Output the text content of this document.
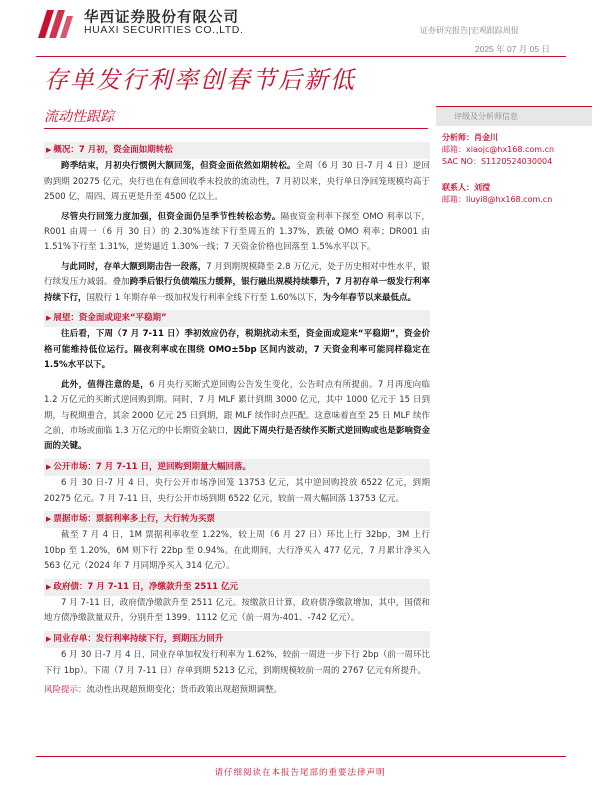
华西证券股份有限公司
HUAXI SECURITIES CO.,LTD.	证券研究报告|宏观跟踪周报
2025 年 07 月 05 日
存单发行利率创春节后新低
流动性跟踪
▶ 概况：7 月初，资金面如期转松
跨季结束，月初央行惯例大额回笼，但资金面依然如期转松。全周（6 月 30 日-7 月 4 日）逆回购到期 20275 亿元，央行也在有意回收季末投放的流动性，7 月初以来，央行单日净回笼规模均高于 2500 亿，周四、周五更是升至 4500 亿以上。
尽管央行回笼力度加强，但资金面仍呈季节性转松态势。隔夜资金利率下探至 OMO 利率以下，R001 由周一（6 月 30 日）的 2.30%连续下行至周五的 1.37%，跌破 OMO 利率；DR001 由 1.51%下行至 1.31%，逆势逼近 1.30%一线；7 天资金价格也回落至 1.5%水平以下。
与此同时，存单大额到期击告一段落，7 月到期规模降至 2.8 万亿元，处于历史相对中性水平，银行续发压力减弱。叠加跨季后银行负债端压力缓释，银行融出规模持续攀升，7 月初存单一级发行利率持续下行，国股行 1 年期存单一级加权发行利率全线下行至 1.60%以下，为今年春节以来最低点。
▶ 展望：资金面或迎来“平稳期”
往后看，下周（7 月 7-11 日）季初效应仍存，税期扰动未至，资金面或迎来“平稳期”，资金价格可能维持低位运行。隔夜利率或在围绕 OMO±5bp 区间内波动，7 天资金利率可能同样稳定在 1.5%水平以下。
此外，值得注意的是，6 月央行买断式逆回购公告发生变化，公告时点有所提前。7 月再度向临 1.2 万亿元的买断式逆回购到期。同时，7 月 MLF 累计到期 3000 亿元，其中 1000 亿元于 15 日到期，与税期重合，其余 2000 亿元 25 日到期，跟 MLF 续作时点匹配。这意味着直至 25 日 MLF 续作之前，市场或面临 1.3 万亿元的中长期资金缺口，因此下周央行是否续作买断式逆回购或也是影响资金面的关键。
▶ 公开市场：7 月 7-11 日，逆回购到期量大幅回落。
6 月 30 日-7 月 4 日，央行公开市场净回笼 13753 亿元，其中逆回购投放 6522 亿元，到期 20275 亿元。7 月 7-11 日，央行公开市场到期 6522 亿元，较前一周大幅回落 13753 亿元。
▶ 票据市场：票据利率多上行，大行转为买票
截至 7 月 4 日，1M 票据利率收至 1.22%，较上周（6 月 27 日）环比上行 32bp，3M 上行 10bp 至 1.20%，6M 则下行 22bp 至 0.94%。在此期间，大行净买入 477 亿元，7 月累计净买入 563 亿元（2024 年 7 月同期净买入 314 亿元）。
▶ 政府债：7 月 7-11 日，净缴款升至 2511 亿元
7 月 7-11 日，政府债净缴款升至 2511 亿元。按缴款日计算，政府债净缴款增加，其中，国债和地方债净缴款量双升，分别升至 1399、1112 亿元（前一周为-401、-742 亿元）。
▶ 同业存单：发行利率持续下行，到期压力回升
6 月 30 日-7 月 4 日，同业存单加权发行利率为 1.62%，较前一周进一步下行 2bp（前一周环比下行 1bp）。下周（7 月 7-11 日）存单到期 5213 亿元，到期规模较前一周的 2767 亿元有所提升。
风险提示：流动性出现超预期变化；货币政策出现超预期调整。
评级及分析师信息
分析师：肖金川
邮箱：xiaojc@hx168.com.cn
SAC NO：S1120524030004
联系人：刘滢
邮箱：liuyi8@hx168.com.cn
请仔细阅读在本报告尾部的重要法律声明
